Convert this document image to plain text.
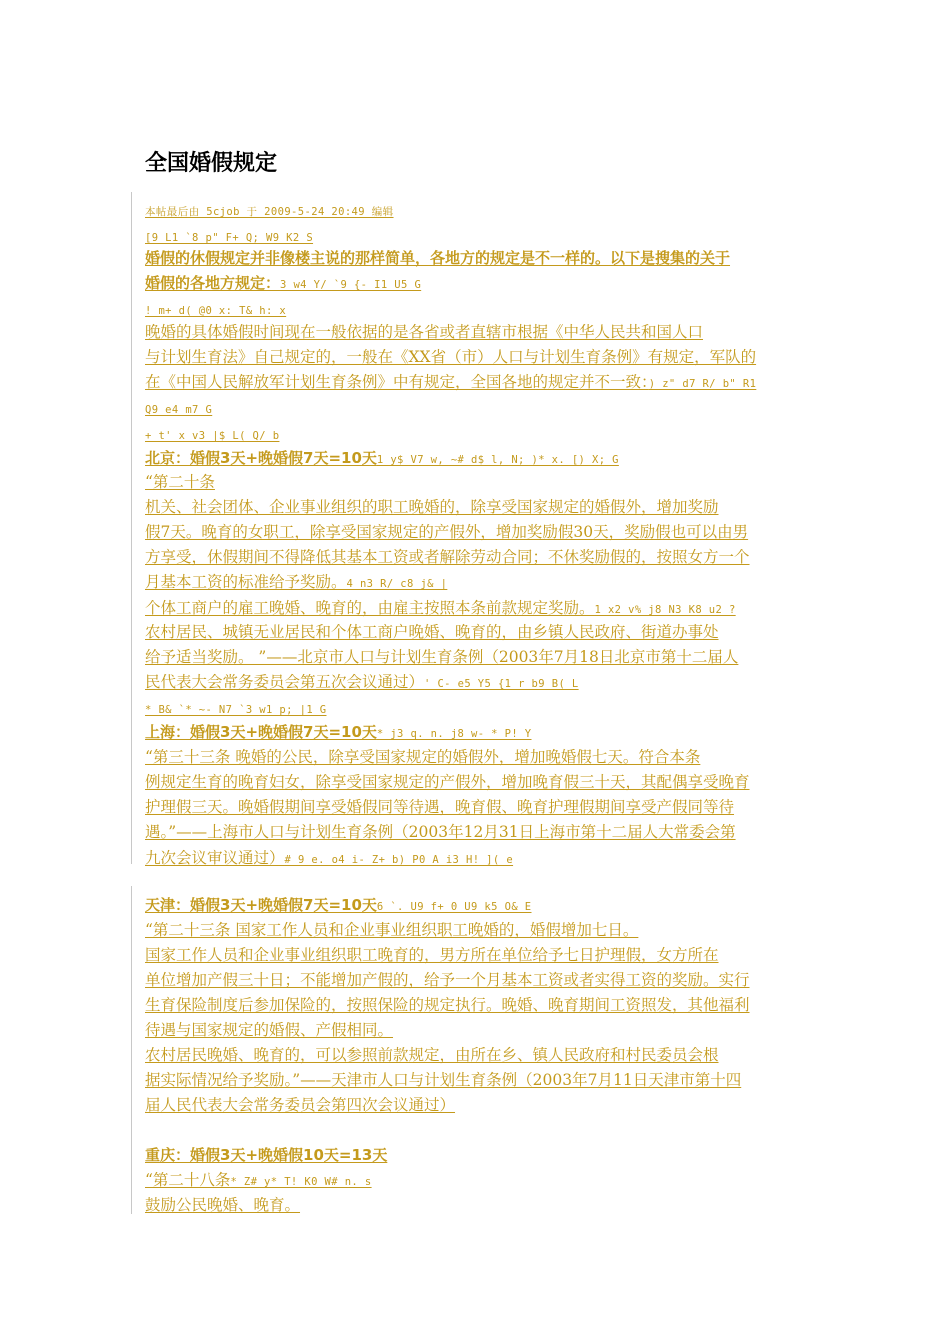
全国婚假规定
本帖最后由 5cjob 于 2009-5-24 20:49 编辑
[9 L1 `8 p" F+ Q; W9 K2 S
婚假的休假规定并非像楼主说的那样简单，各地方的规定是不一样的。以下是搜集的关于
婚假的各地方规定：3 w4 Y/ `9 {- I1 U5 G
! m+ d( @0 x: T& h: x
晚婚的具体婚假时间现在一般依据的是各省或者直辖市根据《中华人民共和国人口
与计划生育法》自己规定的，一般在《XX省（市）人口与计划生育条例》有规定，军队的
在《中国人民解放军计划生育条例》中有规定，全国各地的规定并不一致：) z" d7 R/ b" R1
Q9 e4 m7 G
+ t' x v3 |$ L( Q/ b
北京：婚假3天+晚婚假7天=10天1 y$ V7 w, ~# d$ l, N; )* x. [) X; G
“第二十条
机关、社会团体、企业事业组织的职工晚婚的，除享受国家规定的婚假外，增加奖励
假7天。晚育的女职工，除享受国家规定的产假外，增加奖励假30天，奖励假也可以由男
方享受，休假期间不得降低其基本工资或者解除劳动合同；不休奖励假的，按照女方一个
月基本工资的标准给予奖励。4 n3 R/ c8 j& |
个体工商户的雇工晚婚、晚育的，由雇主按照本条前款规定奖励。1 x2 v% j8 N3 K8 u2 ?
农村居民、城镇无业居民和个体工商户晚婚、晚育的，由乡镇人民政府、街道办事处
给予适当奖励。 ”——北京市人口与计划生育条例（2003年7月18日北京市第十二届人
民代表大会常务委员会第五次会议通过）' C- e5 Y5 {1 r b9 B( L
* B& `* ~- N7 `3 w1 p; |1 G
上海：婚假3天+晚婚假7天=10天* j3 q. n. j8 w- * P! Y
“第三十三条 晚婚的公民，除享受国家规定的婚假外，增加晚婚假七天。符合本条
例规定生育的晚育妇女，除享受国家规定的产假外，增加晚育假三十天，其配偶享受晚育
护理假三天。晚婚假期间享受婚假同等待遇，晚育假、晚育护理假期间享受产假同等待
遇。”——上海市人口与计划生育条例（2003年12月31日上海市第十二届人大常委会第
九次会议审议通过）# 9 e. o4 i- Z+ b) P0 A i3 H! ]( e
天津：婚假3天+晚婚假7天=10天6 `. U9 f+ 0 U9 k5 O& E
“第二十三条 国家工作人员和企业事业组织职工晚婚的，婚假增加七日。
国家工作人员和企业事业组织职工晚育的，男方所在单位给予七日护理假，女方所在
单位增加产假三十日；不能增加产假的，给予一个月基本工资或者实得工资的奖励。实行
生育保险制度后参加保险的，按照保险的规定执行。晚婚、晚育期间工资照发，其他福利
待遇与国家规定的婚假、产假相同。
农村居民晚婚、晚育的，可以参照前款规定，由所在乡、镇人民政府和村民委员会根
据实际情况给予奖励。”——天津市人口与计划生育条例（2003年7月11日天津市第十四
届人民代表大会常务委员会第四次会议通过）
重庆：婚假3天+晚婚假10天=13天
“第二十八条* Z# y* T! K0 W# n. s
鼓励公民晚婚、晚育。
